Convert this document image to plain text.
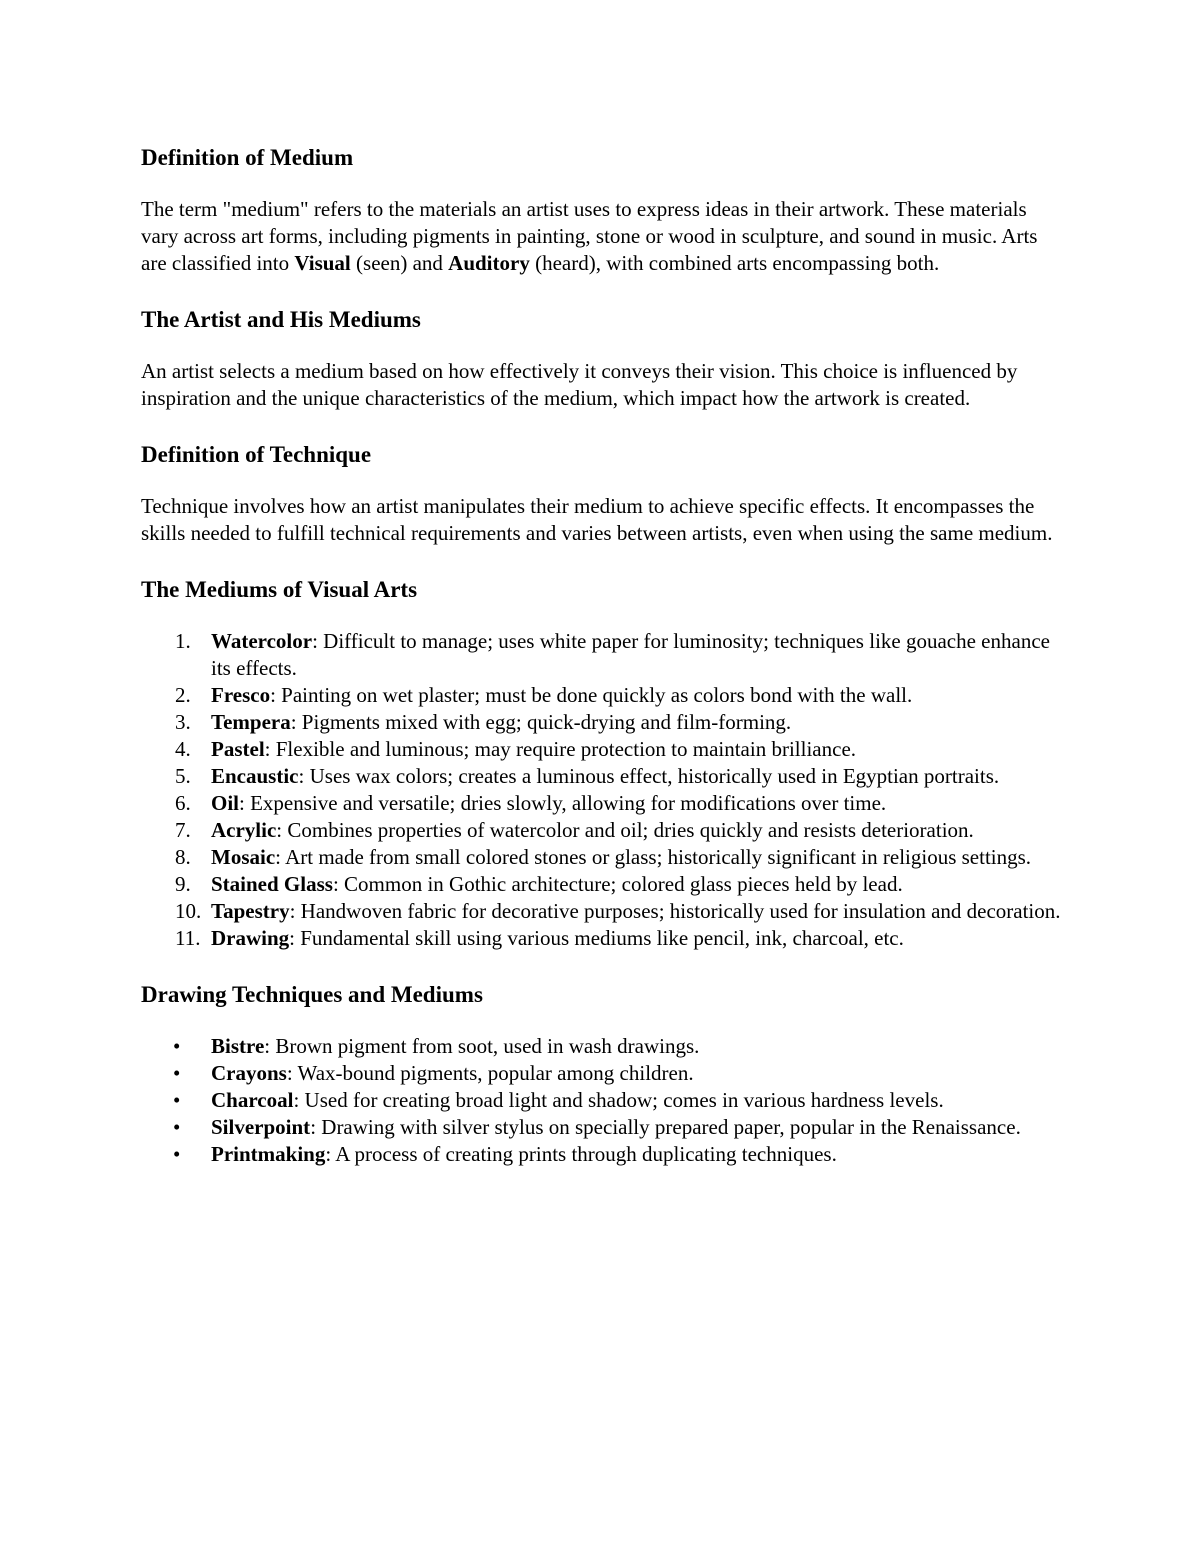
Definition of Medium

The term "medium" refers to the materials an artist uses to express ideas in their artwork. These materials vary across art forms, including pigments in painting, stone or wood in sculpture, and sound in music. Arts are classified into Visual (seen) and Auditory (heard), with combined arts encompassing both.

The Artist and His Mediums

An artist selects a medium based on how effectively it conveys their vision. This choice is influenced by inspiration and the unique characteristics of the medium, which impact how the artwork is created.

Definition of Technique

Technique involves how an artist manipulates their medium to achieve specific effects. It encompasses the skills needed to fulfill technical requirements and varies between artists, even when using the same medium.

The Mediums of Visual Arts
1. Watercolor: Difficult to manage; uses white paper for luminosity; techniques like gouache enhance its effects.
2. Fresco: Painting on wet plaster; must be done quickly as colors bond with the wall.
3. Tempera: Pigments mixed with egg; quick-drying and film-forming.
4. Pastel: Flexible and luminous; may require protection to maintain brilliance.
5. Encaustic: Uses wax colors; creates a luminous effect, historically used in Egyptian portraits.
6. Oil: Expensive and versatile; dries slowly, allowing for modifications over time.
7. Acrylic: Combines properties of watercolor and oil; dries quickly and resists deterioration.
8. Mosaic: Art made from small colored stones or glass; historically significant in religious settings.
9. Stained Glass: Common in Gothic architecture; colored glass pieces held by lead.
10. Tapestry: Handwoven fabric for decorative purposes; historically used for insulation and decoration.
11. Drawing: Fundamental skill using various mediums like pencil, ink, charcoal, etc.
Drawing Techniques and Mediums
•	Bistre: Brown pigment from soot, used in wash drawings.
•	Crayons: Wax-bound pigments, popular among children.
•	Charcoal: Used for creating broad light and shadow; comes in various hardness levels.
•	Silverpoint: Drawing with silver stylus on specially prepared paper, popular in the Renaissance.
•	Printmaking: A process of creating prints through duplicating techniques.
